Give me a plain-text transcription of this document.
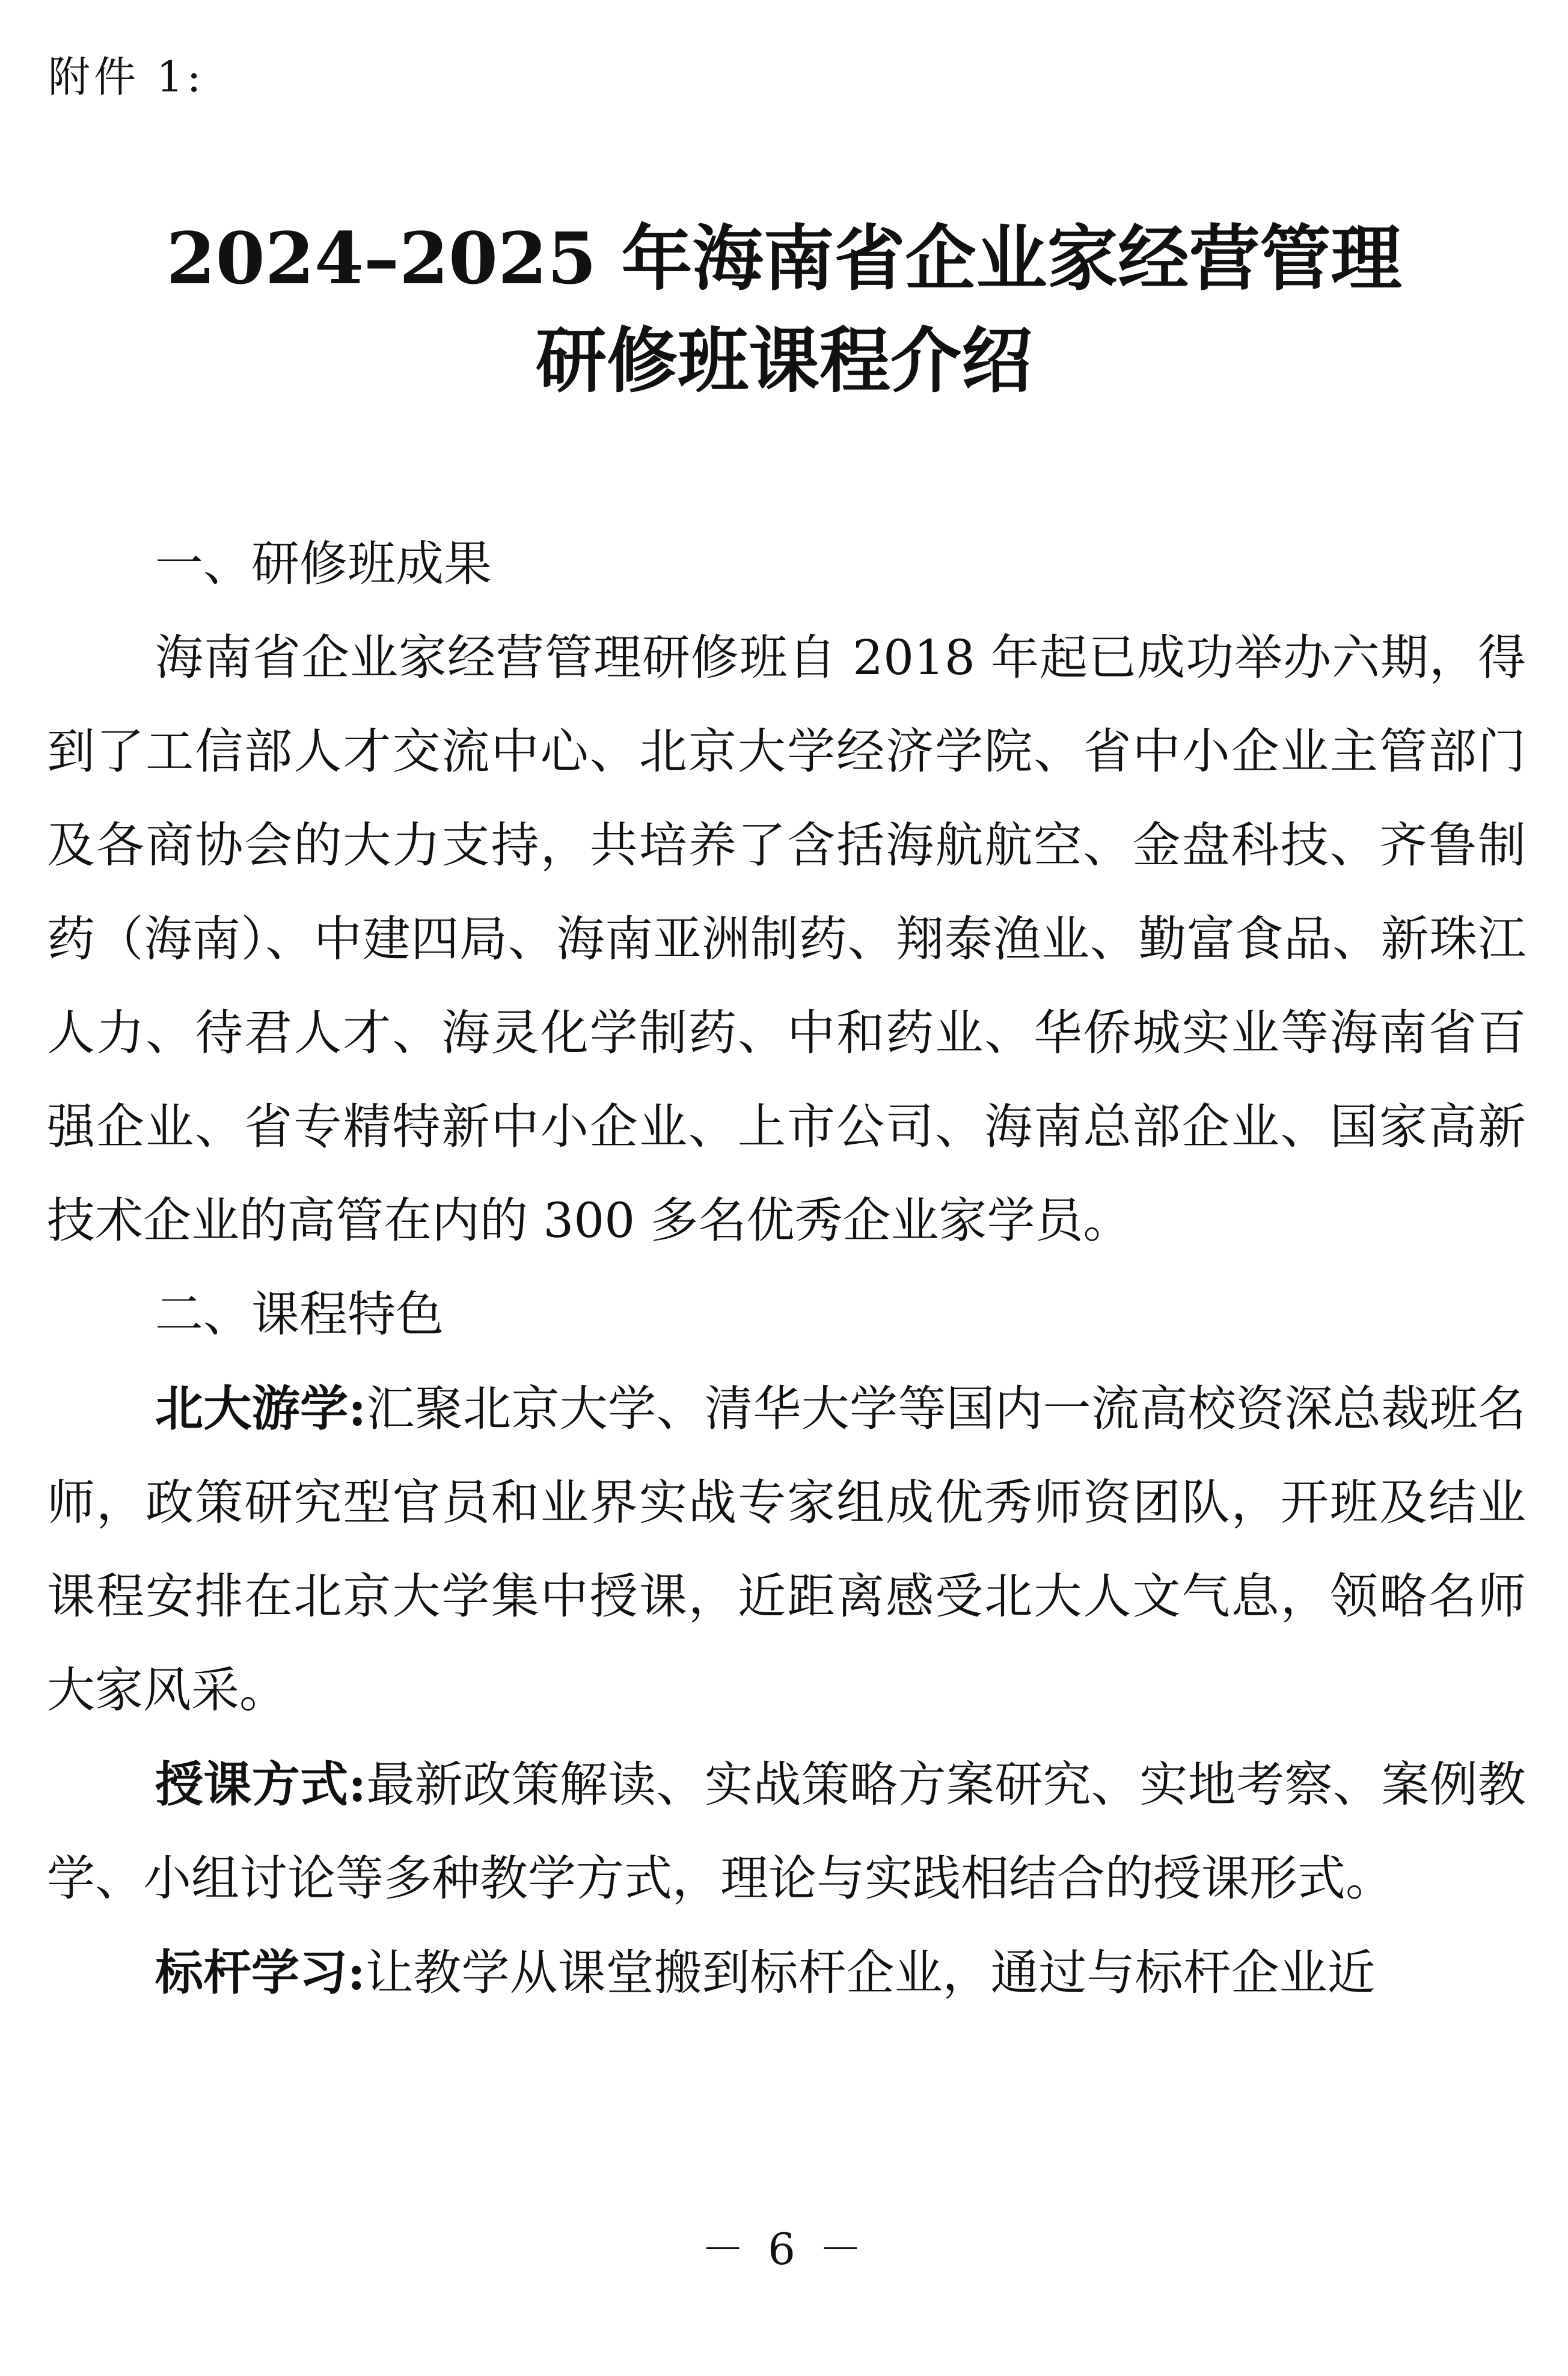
附件 1:
2024–2025 年海南省企业家经营管理
研修班课程介绍

一、研修班成果

海南省企业家经营管理研修班自 2018 年起已成功举办六期，得到了工信部人才交流中心、北京大学经济学院、省中小企业主管部门及各商协会的大力支持，共培养了含括海航航空、金盘科技、齐鲁制药（海南）、中建四局、海南亚洲制药、翔泰渔业、勤富食品、新珠江人力、待君人才、海灵化学制药、中和药业、华侨城实业等海南省百强企业、省专精特新中小企业、上市公司、海南总部企业、国家高新技术企业的高管在内的 300 多名优秀企业家学员。

二、课程特色

北大游学:汇聚北京大学、清华大学等国内一流高校资深总裁班名师，政策研究型官员和业界实战专家组成优秀师资团队，开班及结业课程安排在北京大学集中授课，近距离感受北大人文气息，领略名师大家风采。

授课方式:最新政策解读、实战策略方案研究、实地考察、案例教学、小组讨论等多种教学方式，理论与实践相结合的授课形式。

标杆学习:让教学从课堂搬到标杆企业，通过与标杆企业近

－ 6 －
